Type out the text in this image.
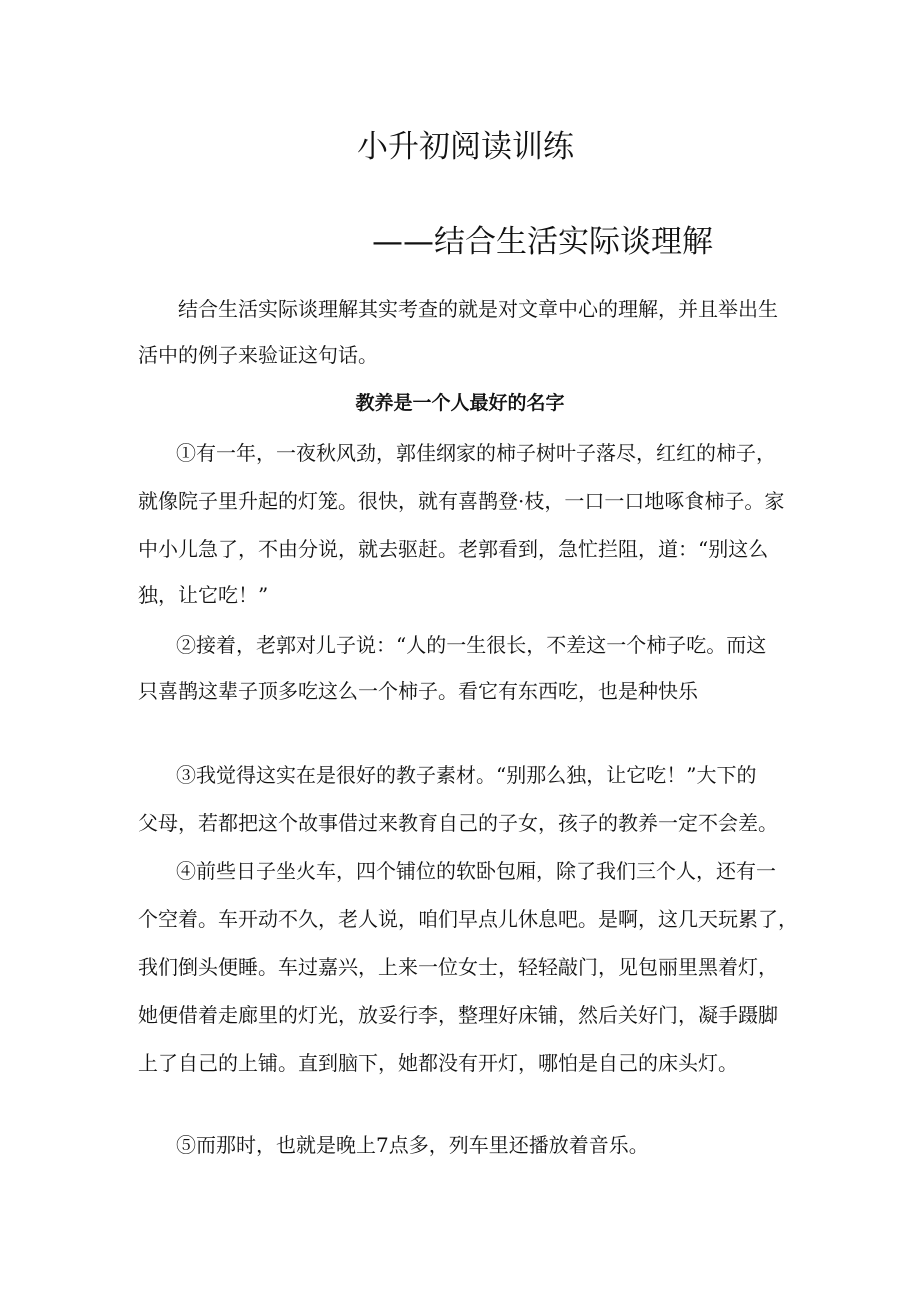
小升初阅读训练
——结合生活实际谈理解

结合生活实际谈理解其实考查的就是对文章中心的理解，并且举出生

活中的例子来验证这句话。

教养是一个人最好的名字

①有一年，一夜秋风劲，郭佳纲家的柿子树叶子落尽，红红的柿子，

就像院子里升起的灯笼。很快，就有喜鹊登·枝，一口一口地啄食柿子。家

中小儿急了，不由分说，就去驱赶。老郭看到，急忙拦阻，道：“别这么

独，让它吃！”

②接着，老郭对儿子说：“人的一生很长，不差这一个柿子吃。而这

只喜鹊这辈子顶多吃这么一个柿子。看它有东西吃，也是种快乐

③我觉得这实在是很好的教子素材。“别那么独，让它吃！”大下的

父母，若都把这个故事借过来教育自己的子女，孩子的教养一定不会差。

④前些日子坐火车，四个铺位的软卧包厢，除了我们三个人，还有一

个空着。车开动不久，老人说，咱们早点儿休息吧。是啊，这几天玩累了，

我们倒头便睡。车过嘉兴，上来一位女士，轻轻敲门，见包丽里黑着灯，

她便借着走廊里的灯光，放妥行李，整理好床铺，然后关好门，凝手蹑脚

上了自己的上铺。直到脑下，她都没有开灯，哪怕是自己的床头灯。

⑤而那时，也就是晚上7点多，列车里还播放着音乐。
